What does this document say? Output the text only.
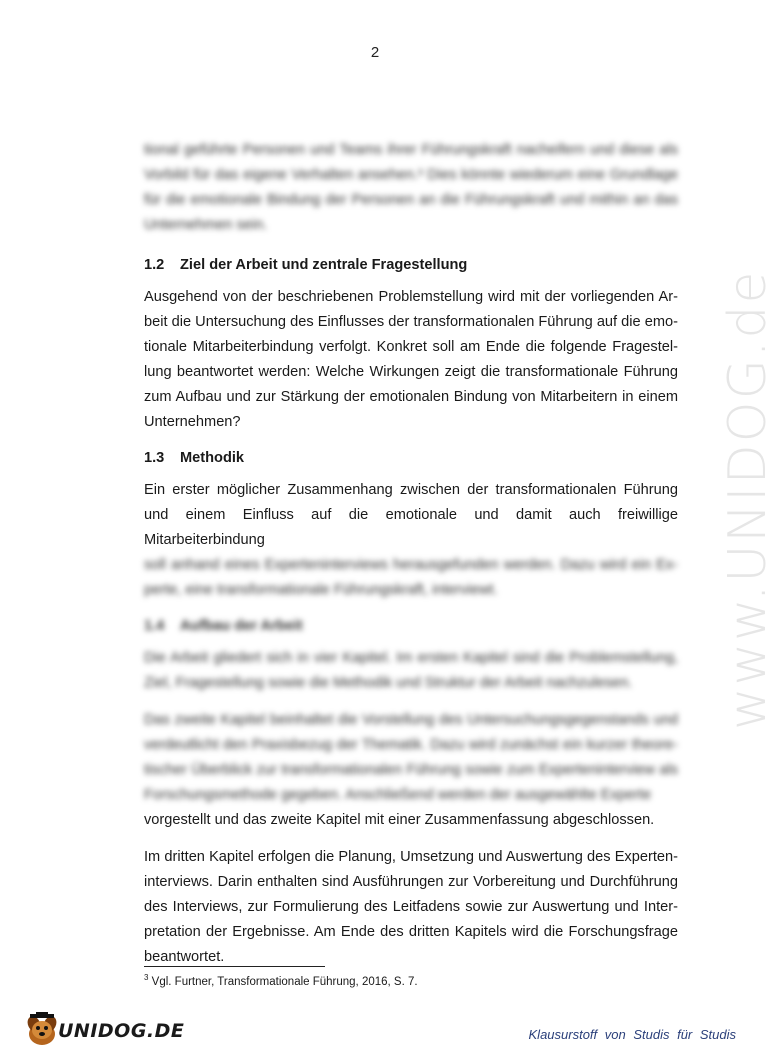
2
www.UNIDOG.de

tional geführte Personen und Teams ihrer Führungskraft nacheifern und diese als Vorbild für das eigene Verhalten ansehen.³ Dies könnte wiederum eine Grundlage für die emotionale Bindung der Personen an die Führungskraft und mithin an das Unternehmen sein.

1.2	Ziel der Arbeit und zentrale Fragestellung

Ausgehend von der beschriebenen Problemstellung wird mit der vorliegenden Arbeit die Untersuchung des Einflusses der transformationalen Führung auf die emotionale Mitarbeiterbindung verfolgt. Konkret soll am Ende die folgende Fragestellung beantwortet werden: Welche Wirkungen zeigt die transformationale Führung zum Aufbau und zur Stärkung der emotionalen Bindung von Mitarbeitern in einem Unternehmen?

1.3	Methodik

Ein erster möglicher Zusammenhang zwischen der transformationalen Führung und einem Einfluss auf die emotionale und damit auch freiwillige Mitarbeiterbindung

soll anhand eines Experteninterviews herausgefunden werden. Dazu wird ein Experte, eine transformationale Führungskraft, interviewt.

1.4	Aufbau der Arbeit

Die Arbeit gliedert sich in vier Kapitel. Im ersten Kapitel sind die Problemstellung, Ziel, Fragestellung sowie die Methodik und Struktur der Arbeit nachzulesen.

Das zweite Kapitel beinhaltet die Vorstellung des Untersuchungsgegenstands und verdeutlicht den Praxisbezug der Thematik. Dazu wird zunächst ein kurzer theoretischer Überblick zur transformationalen Führung sowie zum Experteninterview als Forschungsmethode gegeben. Anschließend werden der ausgewählte Experte

vorgestellt und das zweite Kapitel mit einer Zusammenfassung abgeschlossen.

Im dritten Kapitel erfolgen die Planung, Umsetzung und Auswertung des Experteninterviews. Darin enthalten sind Ausführungen zur Vorbereitung und Durchführung des Interviews, zur Formulierung des Leitfadens sowie zur Auswertung und Interpretation der Ergebnisse. Am Ende des dritten Kapitels wird die Forschungsfrage beantwortet.

$^3$ Vgl. Furtner, Transformationale Führung, 2016, S. 7.
UNIDOG.DE	Klausurstoff von Studis für Studis
